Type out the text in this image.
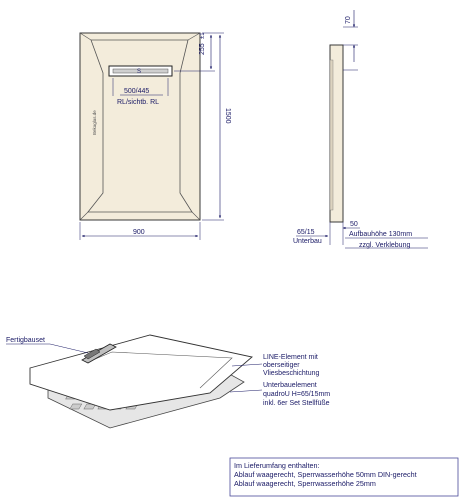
S
500/445
RL/sichtb. RL
Bekaglas.de
900
1500
255
±1
70
50
65/15
Unterbau
Aufbauhöhe 130mm
zzgl. Verklebung
Fertigbauset
LINE-Element mit
oberseitiger
Vliesbeschichtung
Unterbauelement
quadroU H=65/15mm
inkl. 6er Set Stellfüße
Im Lieferumfang enthalten:
Ablauf waagerecht, Sperrwasserhöhe 50mm DIN-gerecht
Ablauf waagerecht, Sperrwasserhöhe 25mm
